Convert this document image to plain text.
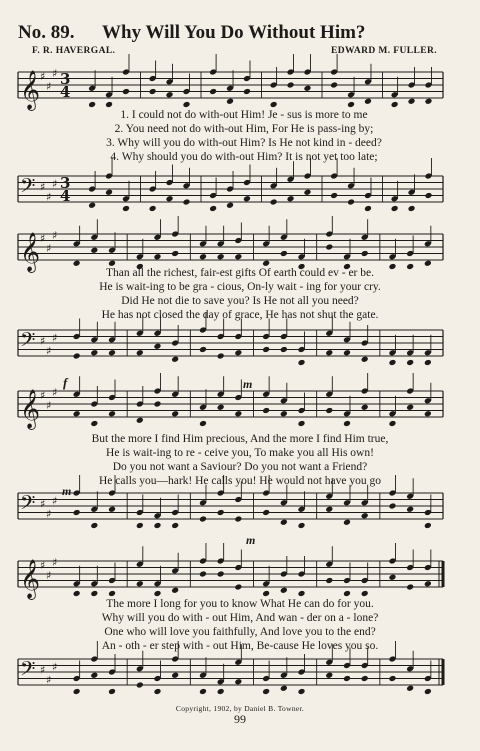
No. 89. Why Will You Do Without Him?
F. R. HAVERGAL.	EDWARD M. FULLER.
𝄞 ♯
♯
♯ 3
4
𝄢 ♯
♯
♯ 3
4
1. I could not do with-out Him! Je - sus is more to me
2. You need not do with-out Him, For He is pass-ing by;
3. Why will you do with-out Him? Is He not kind in - deed?
4. Why should you do with-out Him? It is not yet too late;
𝄞 ♯
♯
♯
𝄢 ♯
♯
♯
Than all the richest, fair-est gifts Of earth could ev - er be.
He is wait-ing to be gra - cious, On-ly wait - ing for your cry.
Did He not die to save you? Is He not all you need?
He has not closed the day of grace, He has not shut the gate.
𝄞 ♯
♯
♯
𝄢 ♯
♯
♯
f	m
But the more I find Him precious, And the more I find Him true,
He is wait-ing to re - ceive you, To make you all His own!
Do you not want a Saviour? Do you not want a Friend?
He calls you—hark! He calls you! He would not have you go
m
𝄞 ♯
♯
♯
𝄢 ♯
♯
♯
m
The more I long for you to know What He can do for you.
Why will you do with - out Him, And wan - der on a - lone?
One who will love you faithfully, And love you to the end?
An - oth - er step with - out Him, Be-cause He loves you so.
Copyright, 1902, by Daniel B. Towner.
99
